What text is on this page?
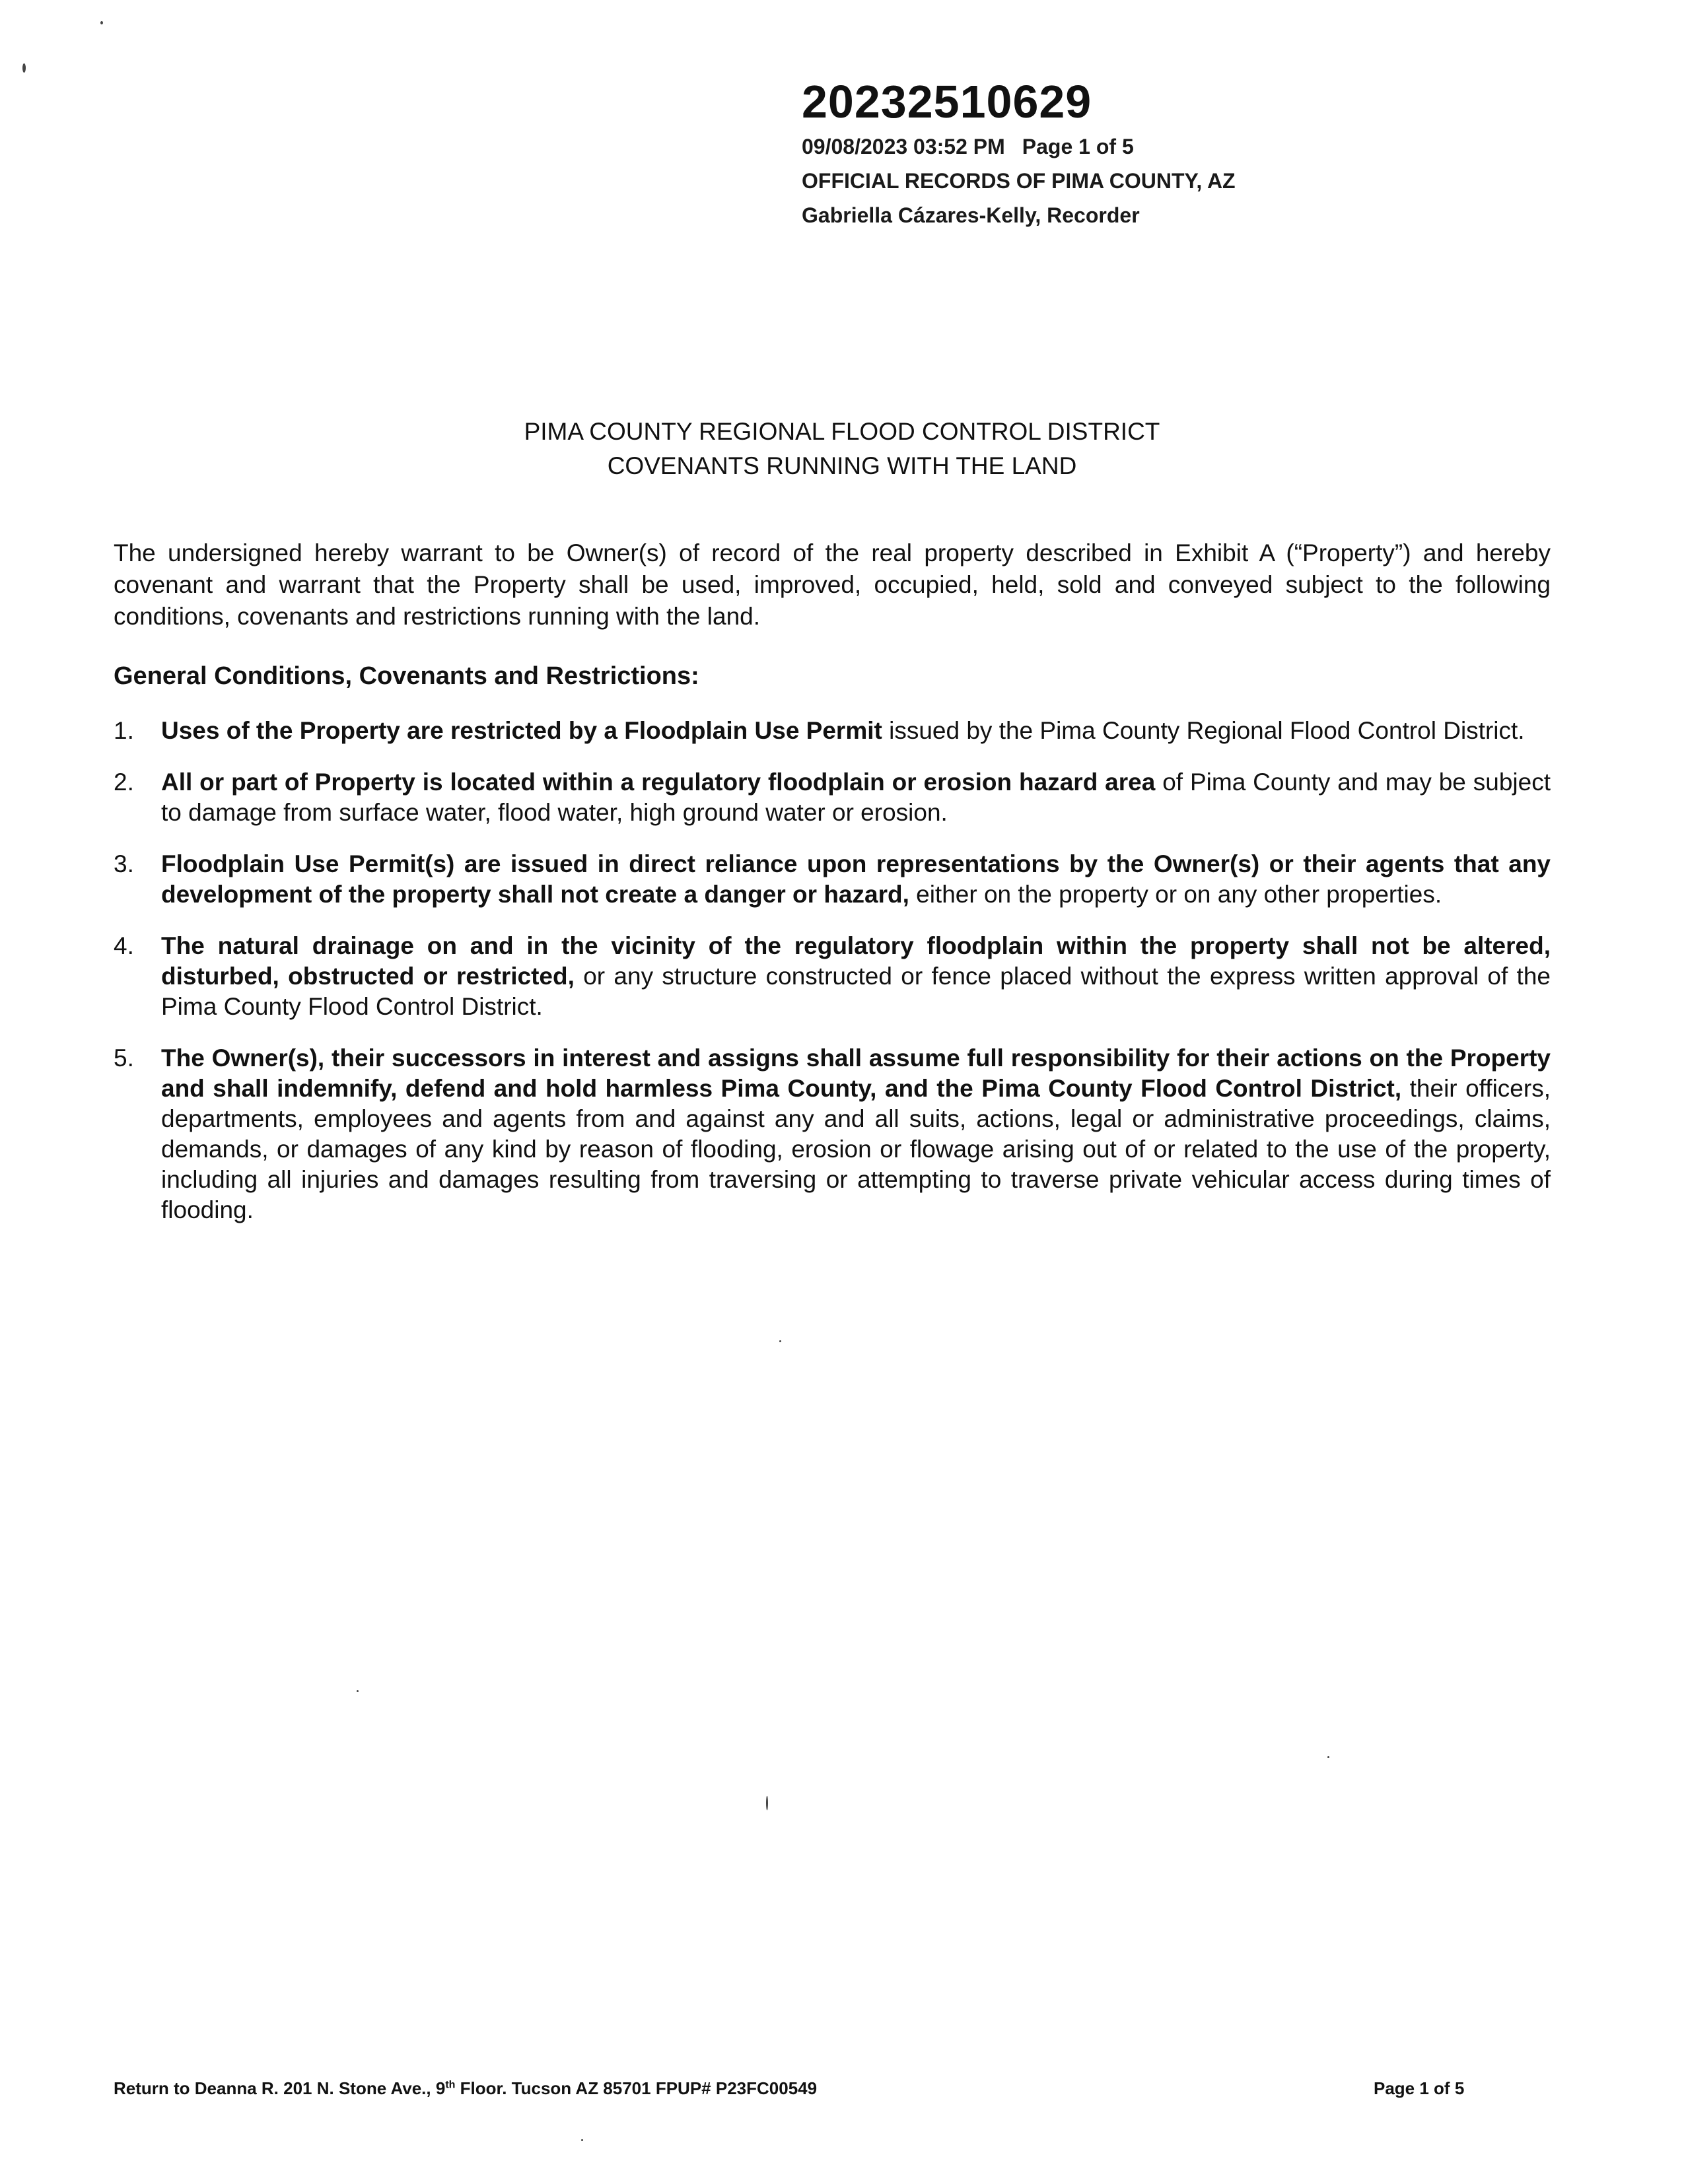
20232510629
09/08/2023 03:52 PM Page 1 of 5
OFFICIAL RECORDS OF PIMA COUNTY, AZ
Gabriella Cázares-Kelly, Recorder
PIMA COUNTY REGIONAL FLOOD CONTROL DISTRICT
COVENANTS RUNNING WITH THE LAND

The undersigned hereby warrant to be Owner(s) of record of the real property described in Exhibit A (“Property”) and hereby covenant and warrant that the Property shall be used, improved, occupied, held, sold and conveyed subject to the following conditions, covenants and restrictions running with the land.

General Conditions, Covenants and Restrictions:
1. Uses of the Property are restricted by a Floodplain Use Permit issued by the Pima County Regional Flood Control District.
2. All or part of Property is located within a regulatory floodplain or erosion hazard area of Pima County and may be subject to damage from surface water, flood water, high ground water or erosion.
3. Floodplain Use Permit(s) are issued in direct reliance upon representations by the Owner(s) or their agents that any development of the property shall not create a danger or hazard, either on the property or on any other properties.
4. The natural drainage on and in the vicinity of the regulatory floodplain within the property shall not be altered, disturbed, obstructed or restricted, or any structure constructed or fence placed without the express written approval of the Pima County Flood Control District.
5. The Owner(s), their successors in interest and assigns shall assume full responsibility for their actions on the Property and shall indemnify, defend and hold harmless Pima County, and the Pima County Flood Control District, their officers, departments, employees and agents from and against any and all suits, actions, legal or administrative proceedings, claims, demands, or damages of any kind by reason of flooding, erosion or flowage arising out of or related to the use of the property, including all injuries and damages resulting from traversing or attempting to traverse private vehicular access during times of flooding.
Return to Deanna R. 201 N. Stone Ave., 9th Floor. Tucson AZ 85701 FPUP# P23FC00549	Page 1 of 5
